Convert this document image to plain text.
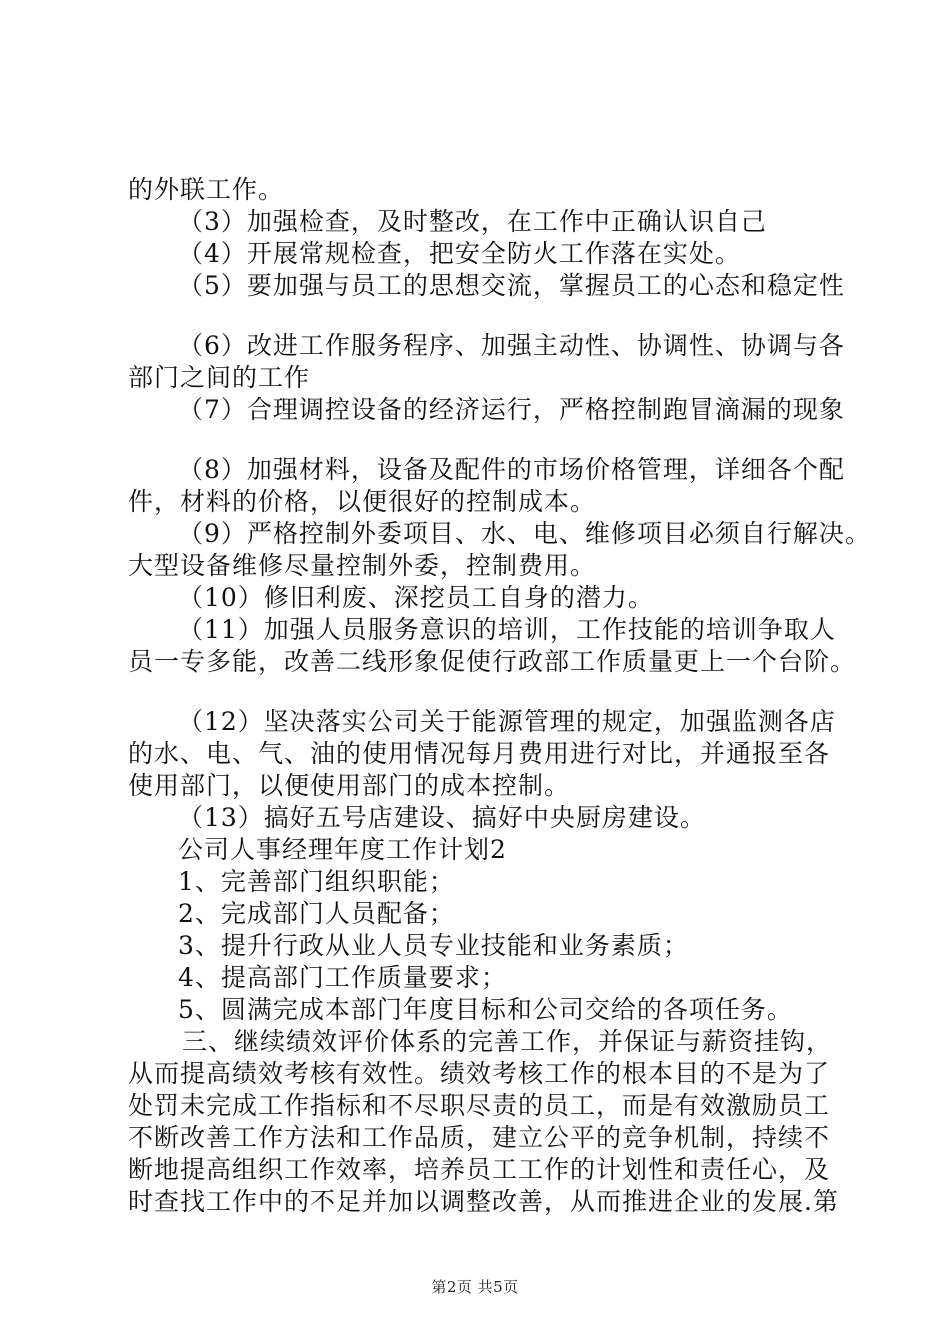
的外联工作。
（3）加强检查，及时整改，在工作中正确认识自己
（4）开展常规检查，把安全防火工作落在实处。
（5）要加强与员工的思想交流，掌握员工的心态和稳定性
（6）改进工作服务程序、加强主动性、协调性、协调与各
部门之间的工作
（7）合理调控设备的经济运行，严格控制跑冒滴漏的现象
（8）加强材料，设备及配件的市场价格管理，详细各个配
件，材料的价格，以便很好的控制成本。
（9）严格控制外委项目、水、电、维修项目必须自行解决。
大型设备维修尽量控制外委，控制费用。
（10）修旧利废、深挖员工自身的潜力。
（11）加强人员服务意识的培训，工作技能的培训争取人
员一专多能，改善二线形象促使行政部工作质量更上一个台阶。
（12）坚决落实公司关于能源管理的规定，加强监测各店
的水、电、气、油的使用情况每月费用进行对比，并通报至各
使用部门，以便使用部门的成本控制。
（13）搞好五号店建设、搞好中央厨房建设。
公司人事经理年度工作计划2
1、完善部门组织职能；
2、完成部门人员配备；
3、提升行政从业人员专业技能和业务素质；
4、提高部门工作质量要求；
5、圆满完成本部门年度目标和公司交给的各项任务。
三、继续绩效评价体系的完善工作，并保证与薪资挂钩，
从而提高绩效考核有效性。绩效考核工作的根本目的不是为了
处罚未完成工作指标和不尽职尽责的员工，而是有效激励员工
不断改善工作方法和工作品质，建立公平的竞争机制，持续不
断地提高组织工作效率，培养员工工作的计划性和责任心，及
时查找工作中的不足并加以调整改善，从而推进企业的发展.第
第2页 共5页
